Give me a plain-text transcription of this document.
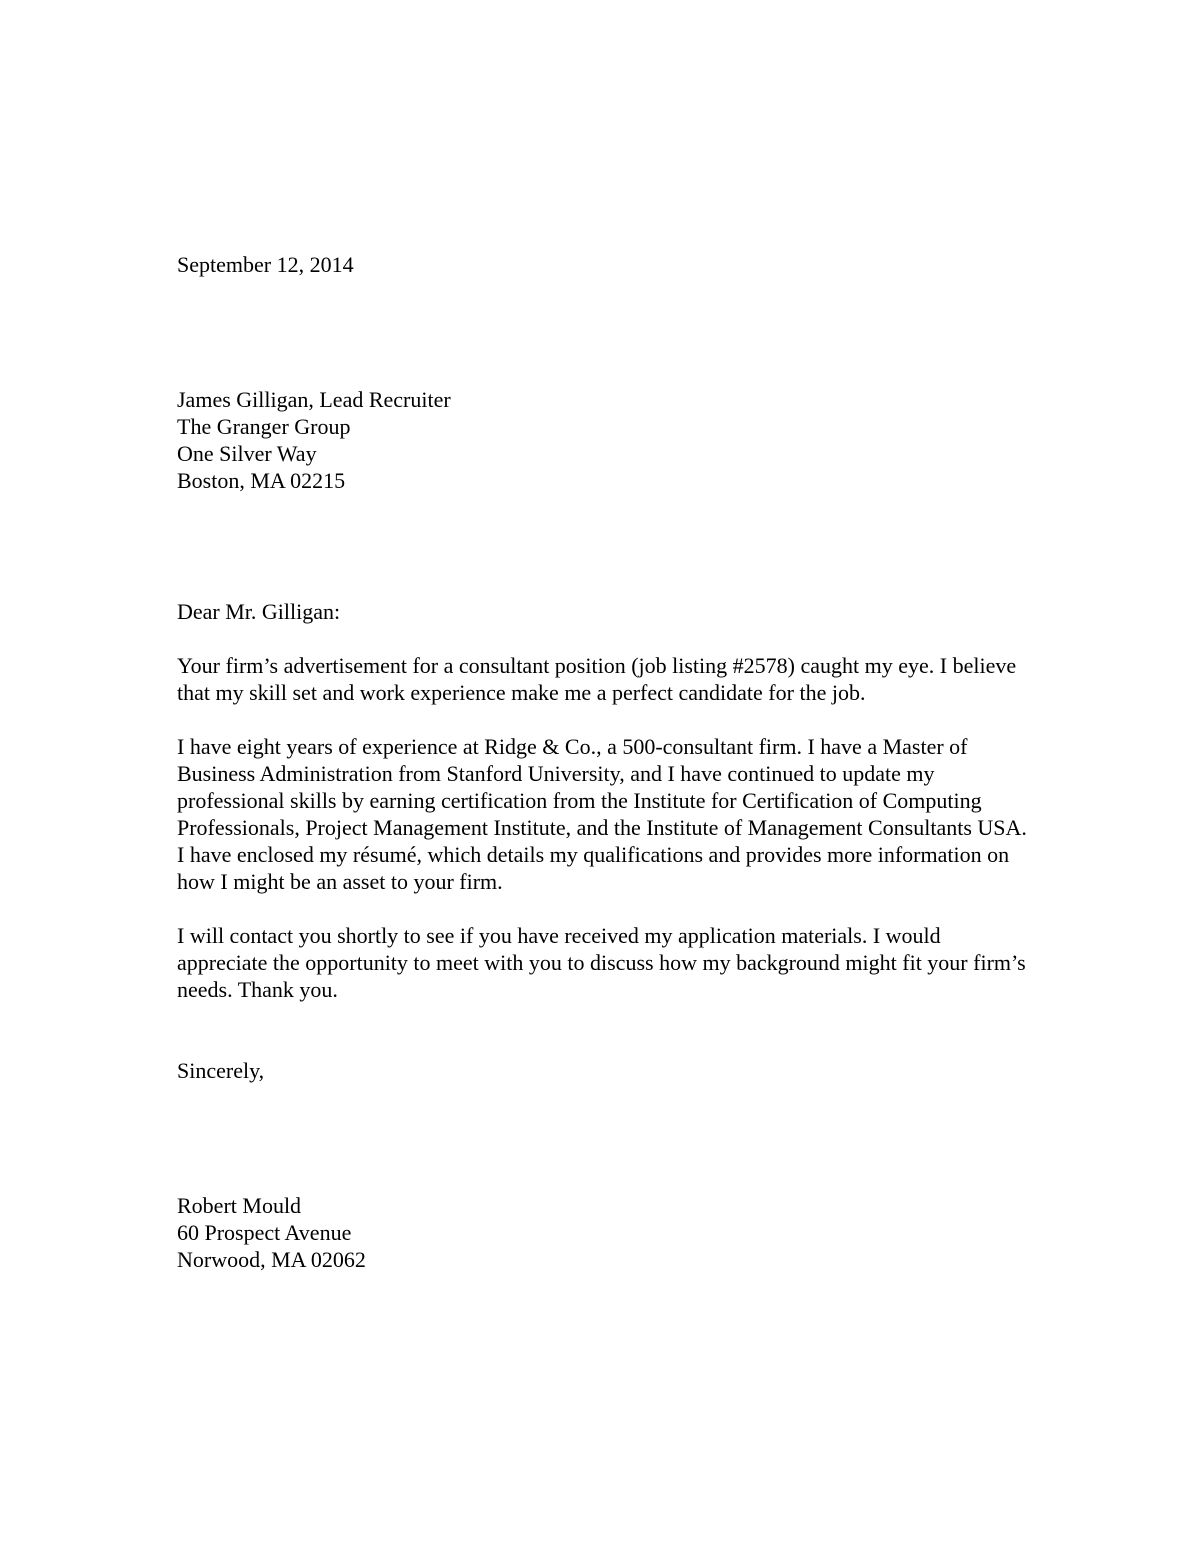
September 12, 2014
James Gilligan, Lead Recruiter
The Granger Group
One Silver Way
Boston, MA 02215
Dear Mr. Gilligan:

Your firm’s advertisement for a consultant position (job listing #2578) caught my eye. I believe that my skill set and work experience make me a perfect candidate for the job.

I have eight years of experience at Ridge & Co., a 500-consultant firm. I have a Master of Business Administration from Stanford University, and I have continued to update my professional skills by earning certification from the Institute for Certification of Computing Professionals, Project Management Institute, and the Institute of Management Consultants USA. I have enclosed my résumé, which details my qualifications and provides more information on how I might be an asset to your firm.

I will contact you shortly to see if you have received my application materials. I would appreciate the opportunity to meet with you to discuss how my background might fit your firm’s needs. Thank you.

Sincerely,
Robert Mould
60 Prospect Avenue
Norwood, MA 02062
